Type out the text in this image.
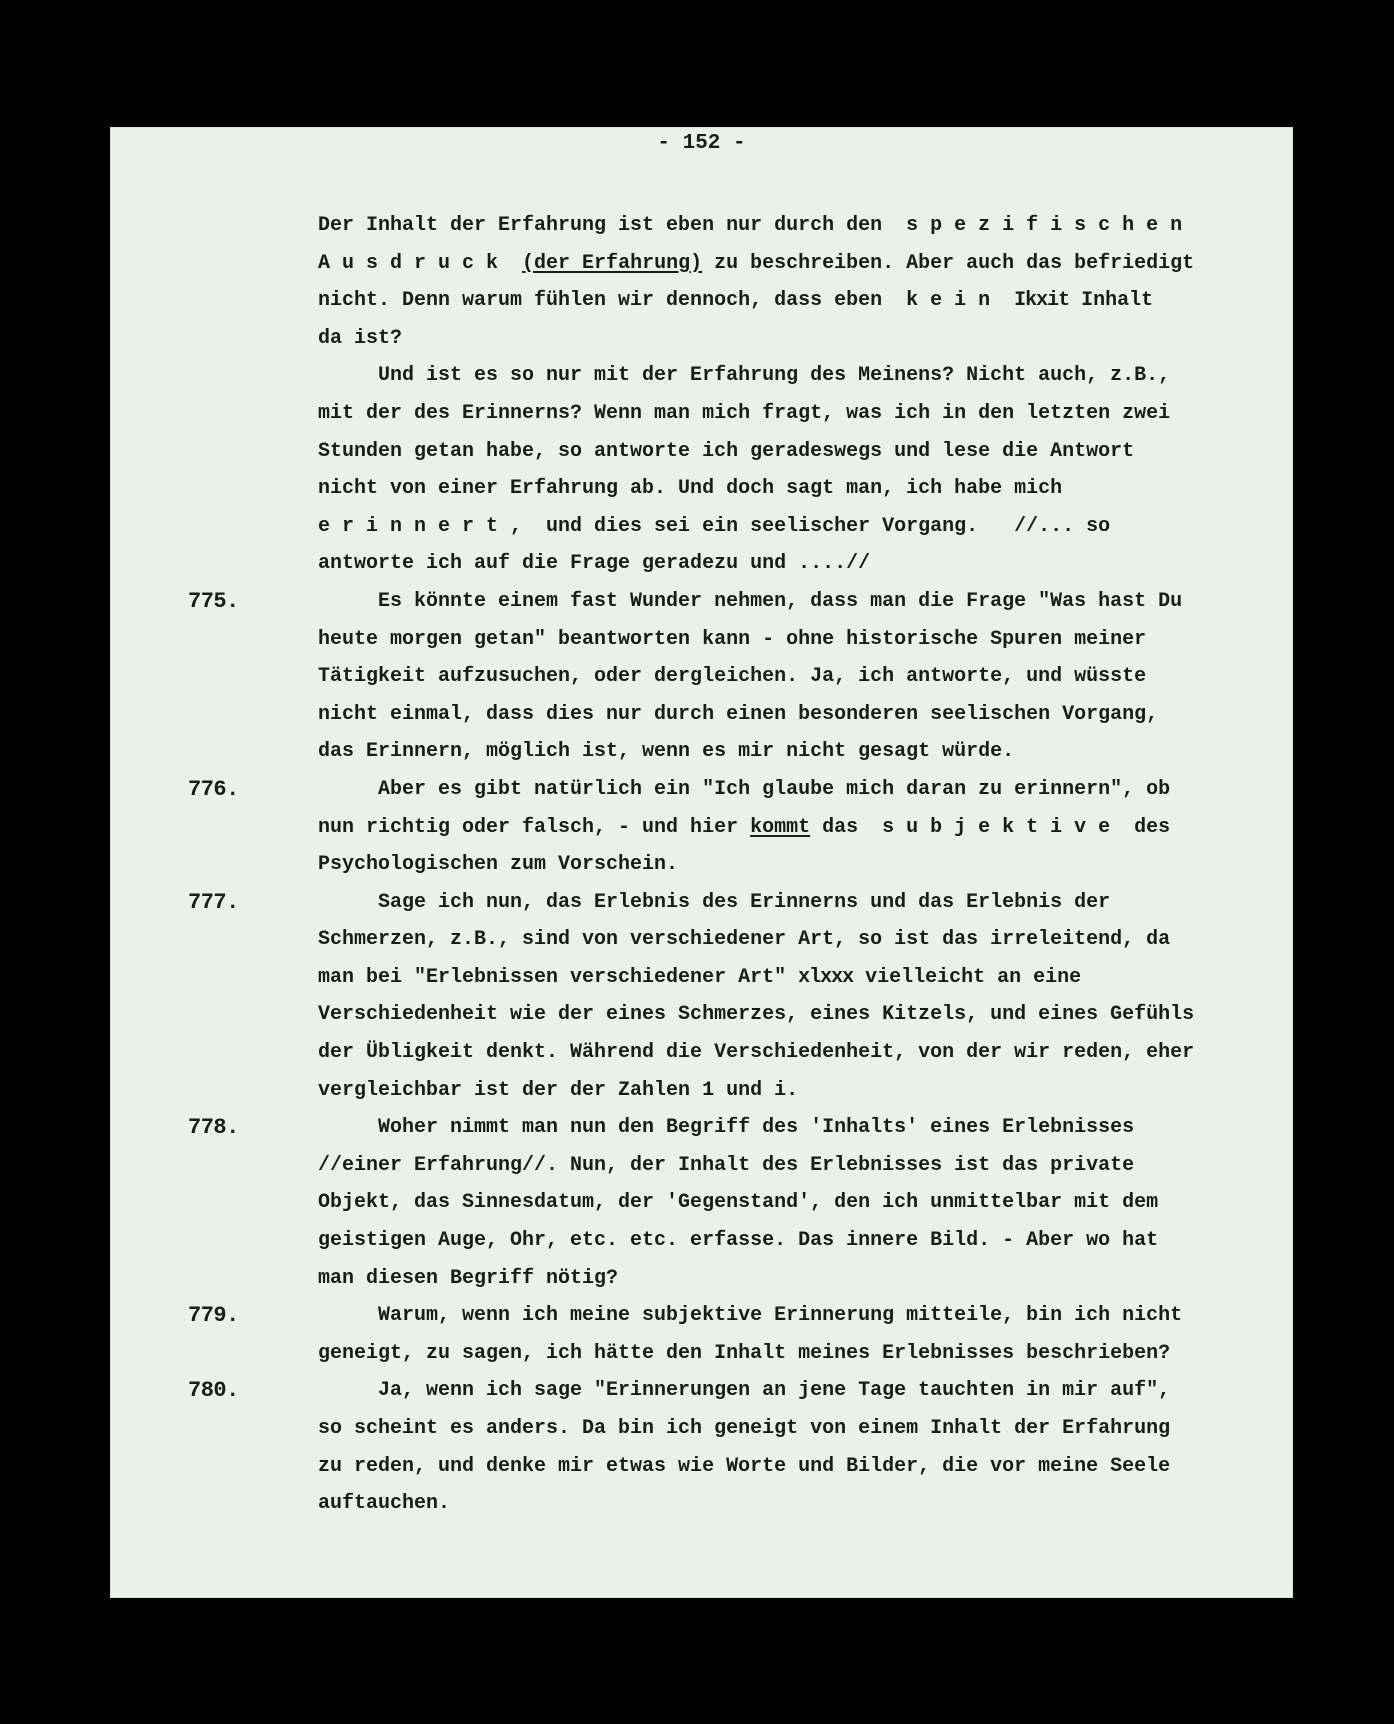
- 152 -
Der Inhalt der Erfahrung ist eben nur durch den  s p e z i f i s c h e n
A u s d r u c k  (der Erfahrung) zu beschreiben. Aber auch das befriedigt
nicht. Denn warum fühlen wir dennoch, dass eben  k e i n  Ikxit Inhalt
da ist?
Und ist es so nur mit der Erfahrung des Meinens? Nicht auch, z.B.,
mit der des Erinnerns? Wenn man mich fragt, was ich in den letzten zwei
Stunden getan habe, so antworte ich geradeswegs und lese die Antwort
nicht von einer Erfahrung ab. Und doch sagt man, ich habe mich
e r i n n e r t ,  und dies sei ein seelischer Vorgang.   //... so
antworte ich auf die Frage geradezu und ....//
775.	Es könnte einem fast Wunder nehmen, dass man die Frage "Was hast Du
heute morgen getan" beantworten kann - ohne historische Spuren meiner
Tätigkeit aufzusuchen, oder dergleichen. Ja, ich antworte, und wüsste
nicht einmal, dass dies nur durch einen besonderen seelischen Vorgang,
das Erinnern, möglich ist, wenn es mir nicht gesagt würde.
776.	Aber es gibt natürlich ein "Ich glaube mich daran zu erinnern", ob
nun richtig oder falsch, - und hier kommt das  s u b j e k t i v e  des
Psychologischen zum Vorschein.
777.	Sage ich nun, das Erlebnis des Erinnerns und das Erlebnis der
Schmerzen, z.B., sind von verschiedener Art, so ist das irreleitend, da
man bei "Erlebnissen verschiedener Art" xlxxx vielleicht an eine
Verschiedenheit wie der eines Schmerzes, eines Kitzels, und eines Gefühls
der Übligkeit denkt. Während die Verschiedenheit, von der wir reden, eher
vergleichbar ist der der Zahlen 1 und i.
778.	Woher nimmt man nun den Begriff des 'Inhalts' eines Erlebnisses
//einer Erfahrung//. Nun, der Inhalt des Erlebnisses ist das private
Objekt, das Sinnesdatum, der 'Gegenstand', den ich unmittelbar mit dem
geistigen Auge, Ohr, etc. etc. erfasse. Das innere Bild. - Aber wo hat
man diesen Begriff nötig?
779.	Warum, wenn ich meine subjektive Erinnerung mitteile, bin ich nicht
geneigt, zu sagen, ich hätte den Inhalt meines Erlebnisses beschrieben?
780.	Ja, wenn ich sage "Erinnerungen an jene Tage tauchten in mir auf",
so scheint es anders. Da bin ich geneigt von einem Inhalt der Erfahrung
zu reden, und denke mir etwas wie Worte und Bilder, die vor meine Seele
auftauchen.
